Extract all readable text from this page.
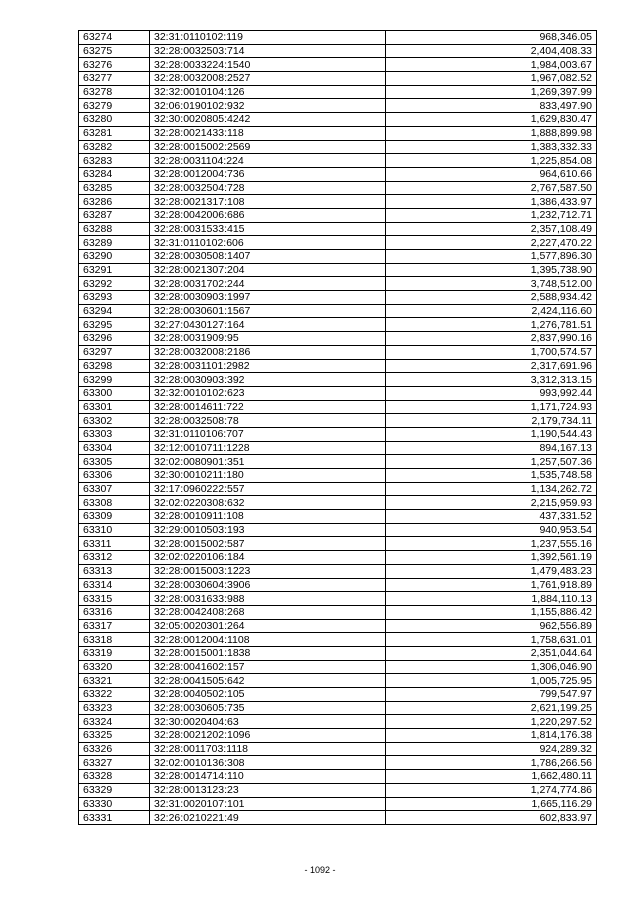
63274	32:31:0110102:119	968,346.05
63275	32:28:0032503:714	2,404,408.33
63276	32:28:0033224:1540	1,984,003.67
63277	32:28:0032008:2527	1,967,082.52
63278	32:32:0010104:126	1,269,397.99
63279	32:06:0190102:932	833,497.90
63280	32:30:0020805:4242	1,629,830.47
63281	32:28:0021433:118	1,888,899.98
63282	32:28:0015002:2569	1,383,332.33
63283	32:28:0031104:224	1,225,854.08
63284	32:28:0012004:736	964,610.66
63285	32:28:0032504:728	2,767,587.50
63286	32:28:0021317:108	1,386,433.97
63287	32:28:0042006:686	1,232,712.71
63288	32:28:0031533:415	2,357,108.49
63289	32:31:0110102:606	2,227,470.22
63290	32:28:0030508:1407	1,577,896.30
63291	32:28:0021307:204	1,395,738.90
63292	32:28:0031702:244	3,748,512.00
63293	32:28:0030903:1997	2,588,934.42
63294	32:28:0030601:1567	2,424,116.60
63295	32:27:0430127:164	1,276,781.51
63296	32:28:0031909:95	2,837,990.16
63297	32:28:0032008:2186	1,700,574.57
63298	32:28:0031101:2982	2,317,691.96
63299	32:28:0030903:392	3,312,313.15
63300	32:32:0010102:623	993,992.44
63301	32:28:0014611:722	1,171,724.93
63302	32:28:0032508:78	2,179,734.11
63303	32:31:0110106:707	1,190,544.43
63304	32:12:0010711:1228	894,167.13
63305	32:02:0080901:351	1,257,507.36
63306	32:30:0010211:180	1,535,748.58
63307	32:17:0960222:557	1,134,262.72
63308	32:02:0220308:632	2,215,959.93
63309	32:28:0010911:108	437,331.52
63310	32:29:0010503:193	940,953.54
63311	32:28:0015002:587	1,237,555.16
63312	32:02:0220106:184	1,392,561.19
63313	32:28:0015003:1223	1,479,483.23
63314	32:28:0030604:3906	1,761,918.89
63315	32:28:0031633:988	1,884,110.13
63316	32:28:0042408:268	1,155,886.42
63317	32:05:0020301:264	962,556.89
63318	32:28:0012004:1108	1,758,631.01
63319	32:28:0015001:1838	2,351,044.64
63320	32:28:0041602:157	1,306,046.90
63321	32:28:0041505:642	1,005,725.95
63322	32:28:0040502:105	799,547.97
63323	32:28:0030605:735	2,621,199.25
63324	32:30:0020404:63	1,220,297.52
63325	32:28:0021202:1096	1,814,176.38
63326	32:28:0011703:1118	924,289.32
63327	32:02:0010136:308	1,786,266.56
63328	32:28:0014714:110	1,662,480.11
63329	32:28:0013123:23	1,274,774.86
63330	32:31:0020107:101	1,665,116.29
63331	32:26:0210221:49	602,833.97
- 1092 -
